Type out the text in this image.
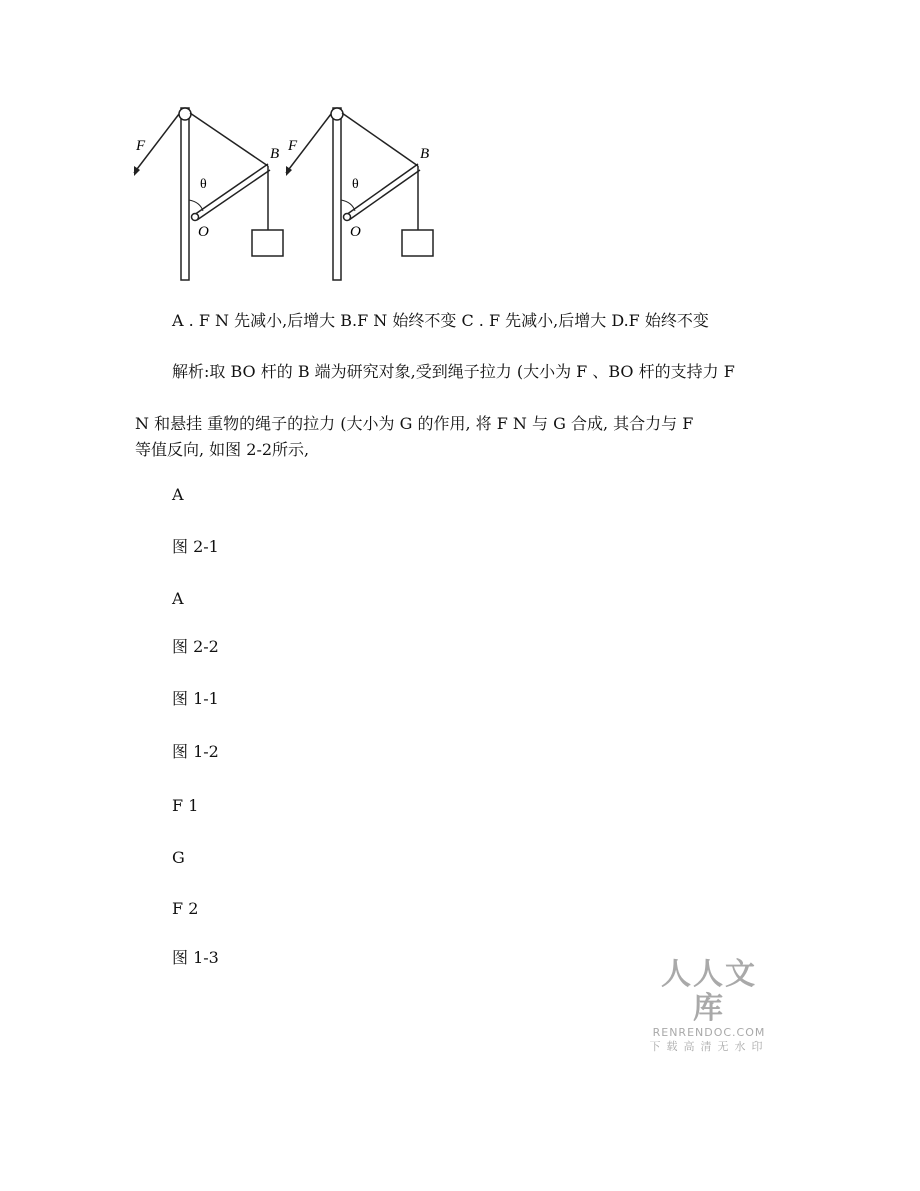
F
θ
B
O
F
θ
B
O
A . F N 先减小,后增大 B.F N 始终不变 C . F 先减小,后增大 D.F 始终不变
解析:取 BO 杆的 B 端为研究对象,受到绳子拉力 (大小为 F 、BO 杆的支持力 F
N 和悬挂 重物的绳子的拉力 (大小为 G 的作用, 将 F N 与 G 合成, 其合力与 F
等值反向, 如图 2-2所示,
A
图 2-1
A
图 2-2
图 1-1
图 1-2
F 1
G
F 2
图 1-3	人人文库
RENRENDOC.COM
下载高清无水印
